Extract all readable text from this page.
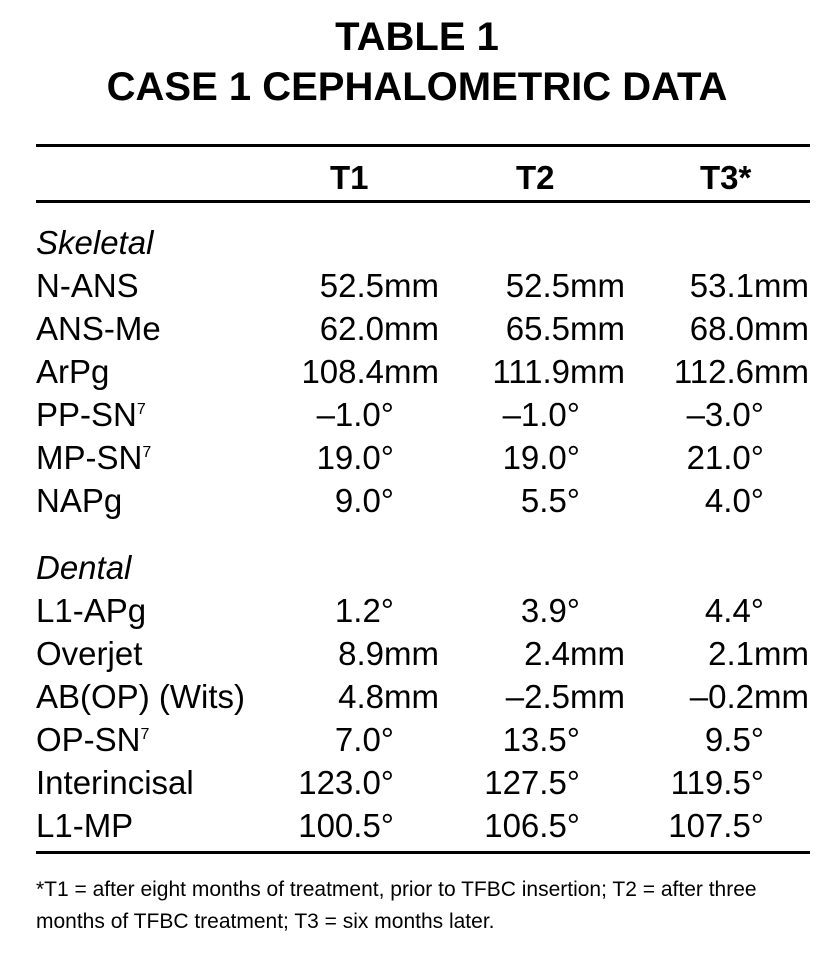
TABLE 1
CASE 1 CEPHALOMETRIC DATA
T1	T2	T3*
Skeletal
N-ANS	52.5mm	52.5mm	53.1mm
ANS-Me	62.0mm	65.5mm	68.0mm
ArPg	108.4mm	111.9mm	112.6mm
$PP-SN^7$	–1.0°	–1.0°	–3.0°
$MP-SN^7$	19.0°	19.0°	21.0°
NAPg	9.0°	5.5°	4.0°
Dental
L1-APg	1.2°	3.9°	4.4°
Overjet	8.9mm	2.4mm	2.1mm
AB(OP) (Wits)	4.8mm	–2.5mm	–0.2mm
$OP-SN^7$	7.0°	13.5°	9.5°
Interincisal	123.0°	127.5°	119.5°
L1-MP	100.5°	106.5°	107.5°
*T1 = after eight months of treatment, prior to TFBC insertion; T2 = after three months of TFBC treatment; T3 = six months later.
